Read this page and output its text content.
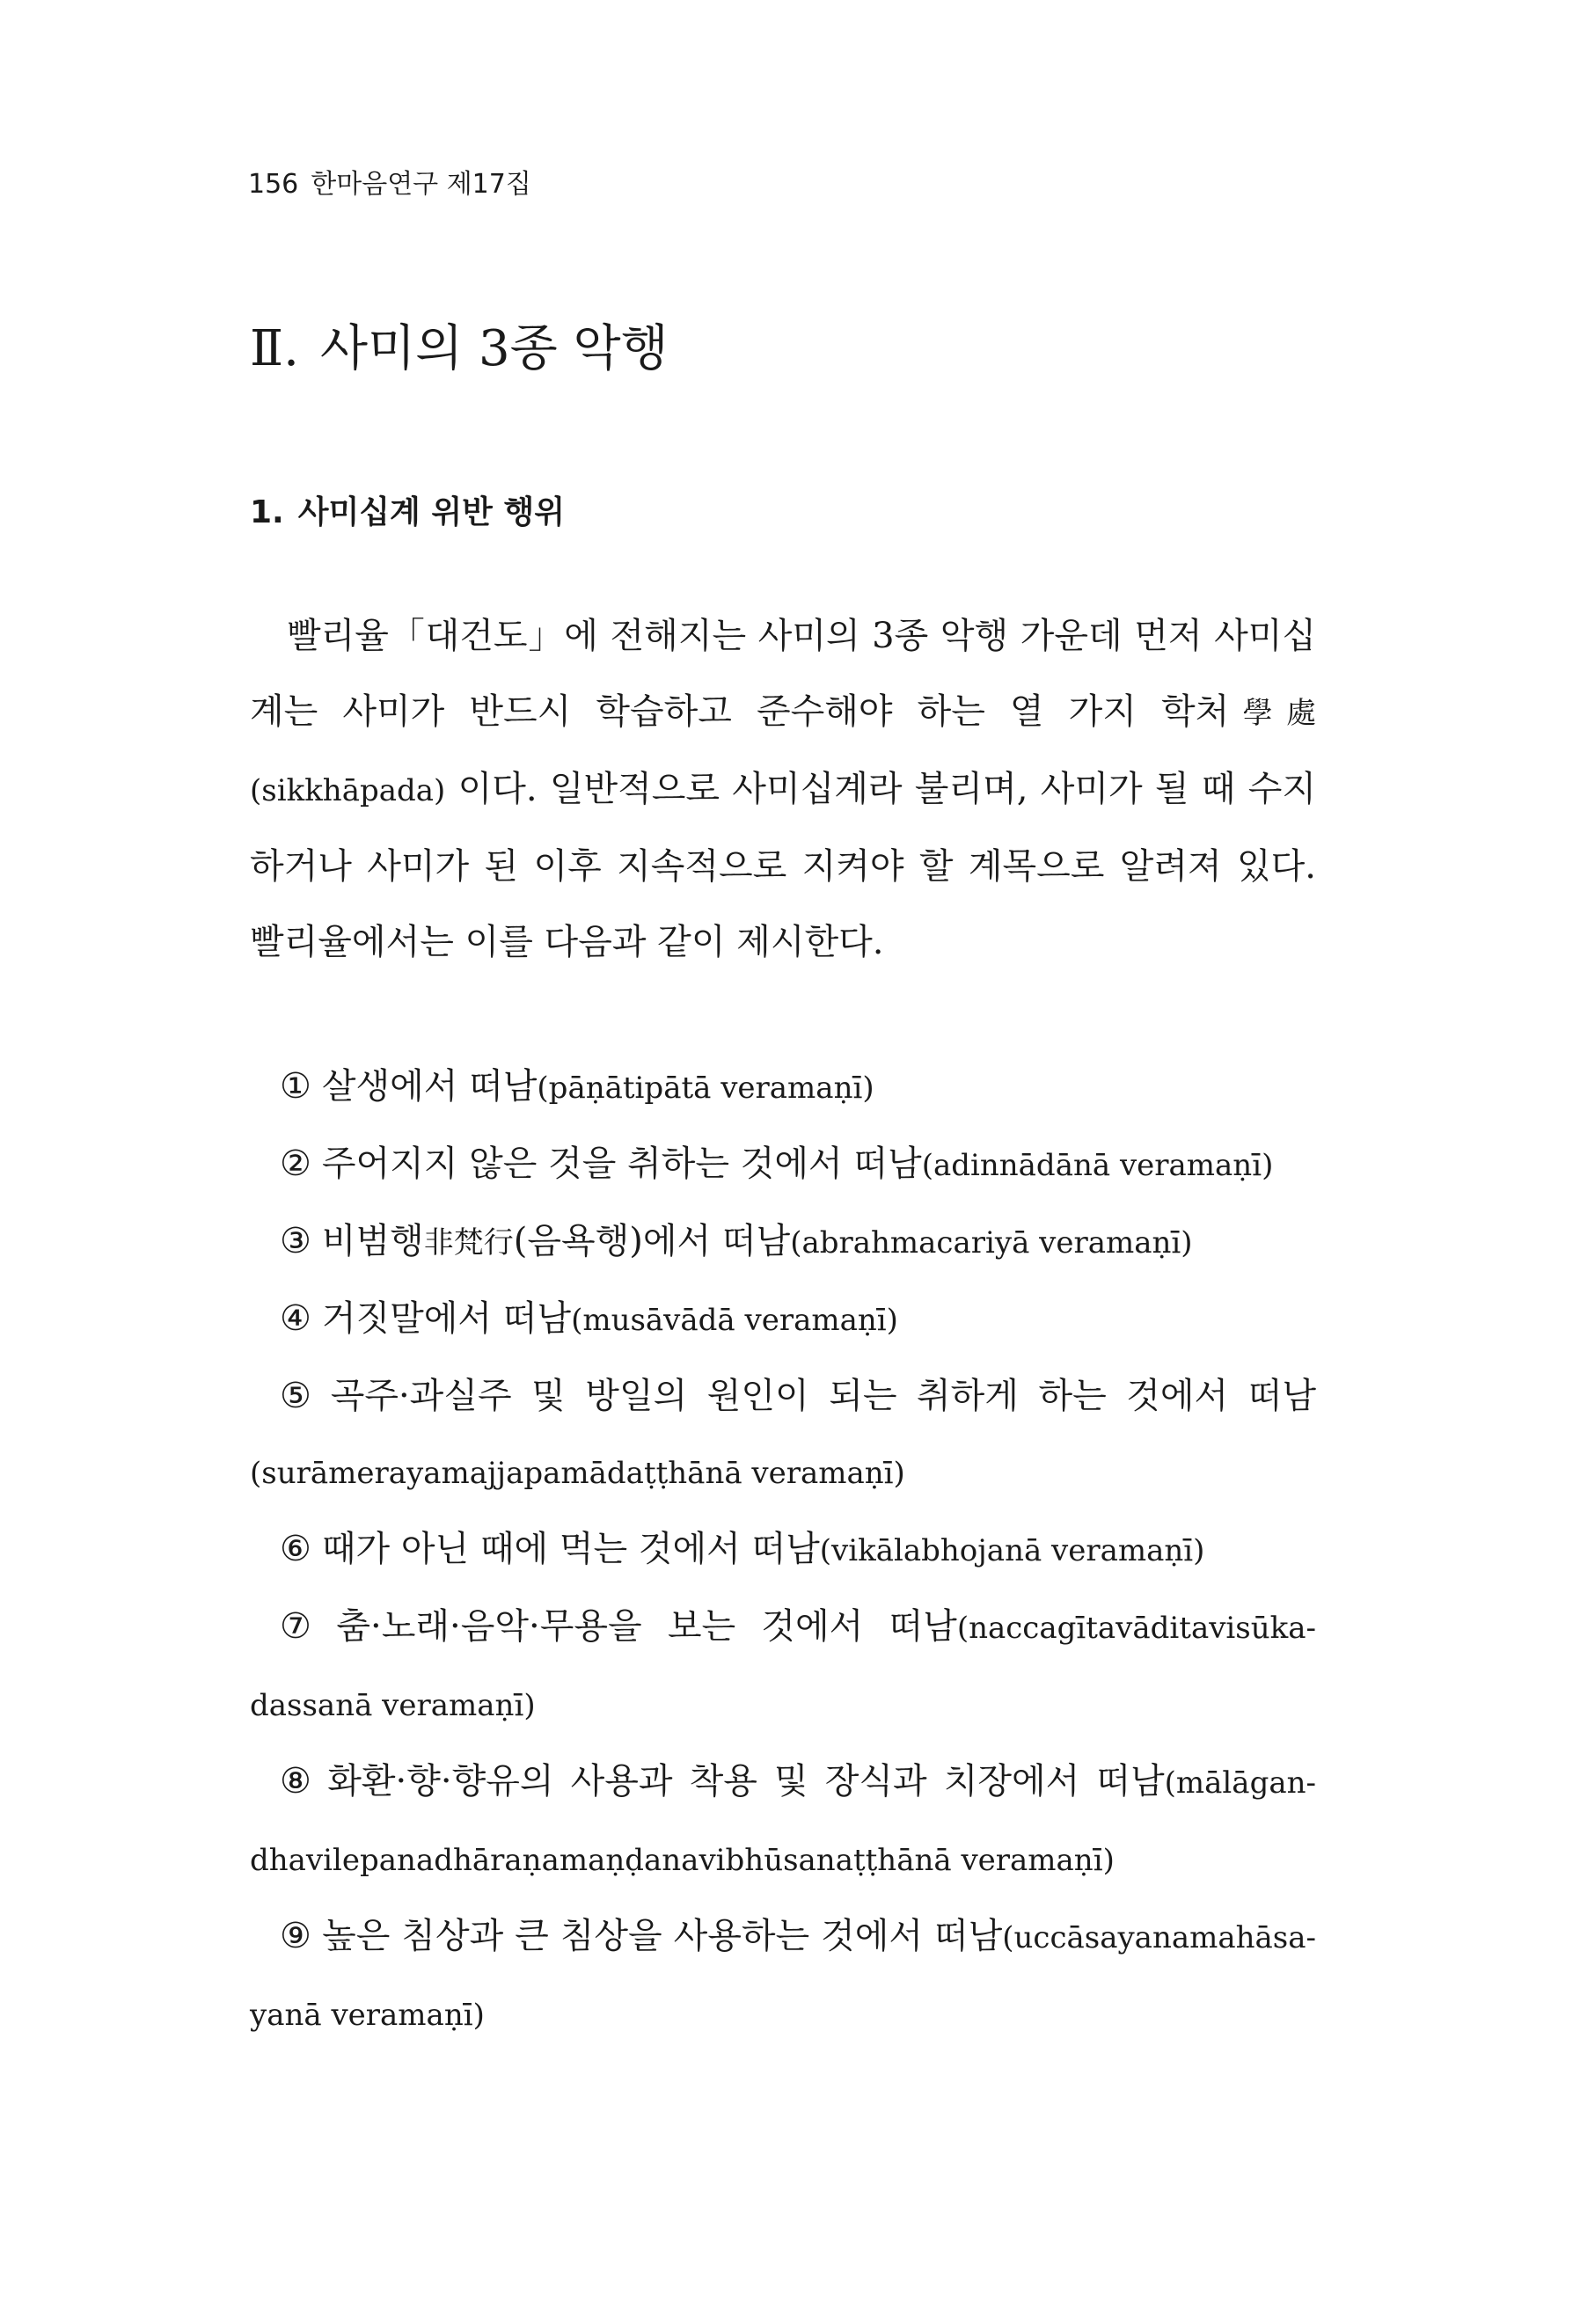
156 한마음연구 제17집
Ⅱ. 사미의 3종 악행
1. 사미십계 위반 행위

빨리율「대건도」에 전해지는 사미의 3종 악행 가운데 먼저 사미십계는 사미가 반드시 학습하고 준수해야 하는 열 가지 학처學處(sikkhāpada) 이다. 일반적으로 사미십계라 불리며, 사미가 될 때 수지하거나 사미가 된 이후 지속적으로 지켜야 할 계목으로 알려져 있다. 빨리율에서는 이를 다음과 같이 제시한다.

① 살생에서 떠남(pāṇātipātā veramaṇī)
② 주어지지 않은 것을 취하는 것에서 떠남(adinnādānā veramaṇī)
③ 비범행非梵行(음욕행)에서 떠남(abrahmacariyā veramaṇī)
④ 거짓말에서 떠남(musāvādā veramaṇī)
⑤ 곡주·과실주 및 방일의 원인이 되는 취하게 하는 것에서 떠남(surāmerayamajjapamādaṭṭhānā veramaṇī)
⑥ 때가 아닌 때에 먹는 것에서 떠남(vikālabhojanā veramaṇī)
⑦ 춤·노래·음악·무용을 보는 것에서 떠남(naccagītavāditavisūka-dassanā veramaṇī)
⑧ 화환·향·향유의 사용과 착용 및 장식과 치장에서 떠남(mālāgan-dhavilepanadhāraṇamaṇḍanavibhūsanaṭṭhānā veramaṇī)
⑨ 높은 침상과 큰 침상을 사용하는 것에서 떠남(uccāsayanamahāsa-yanā veramaṇī)
